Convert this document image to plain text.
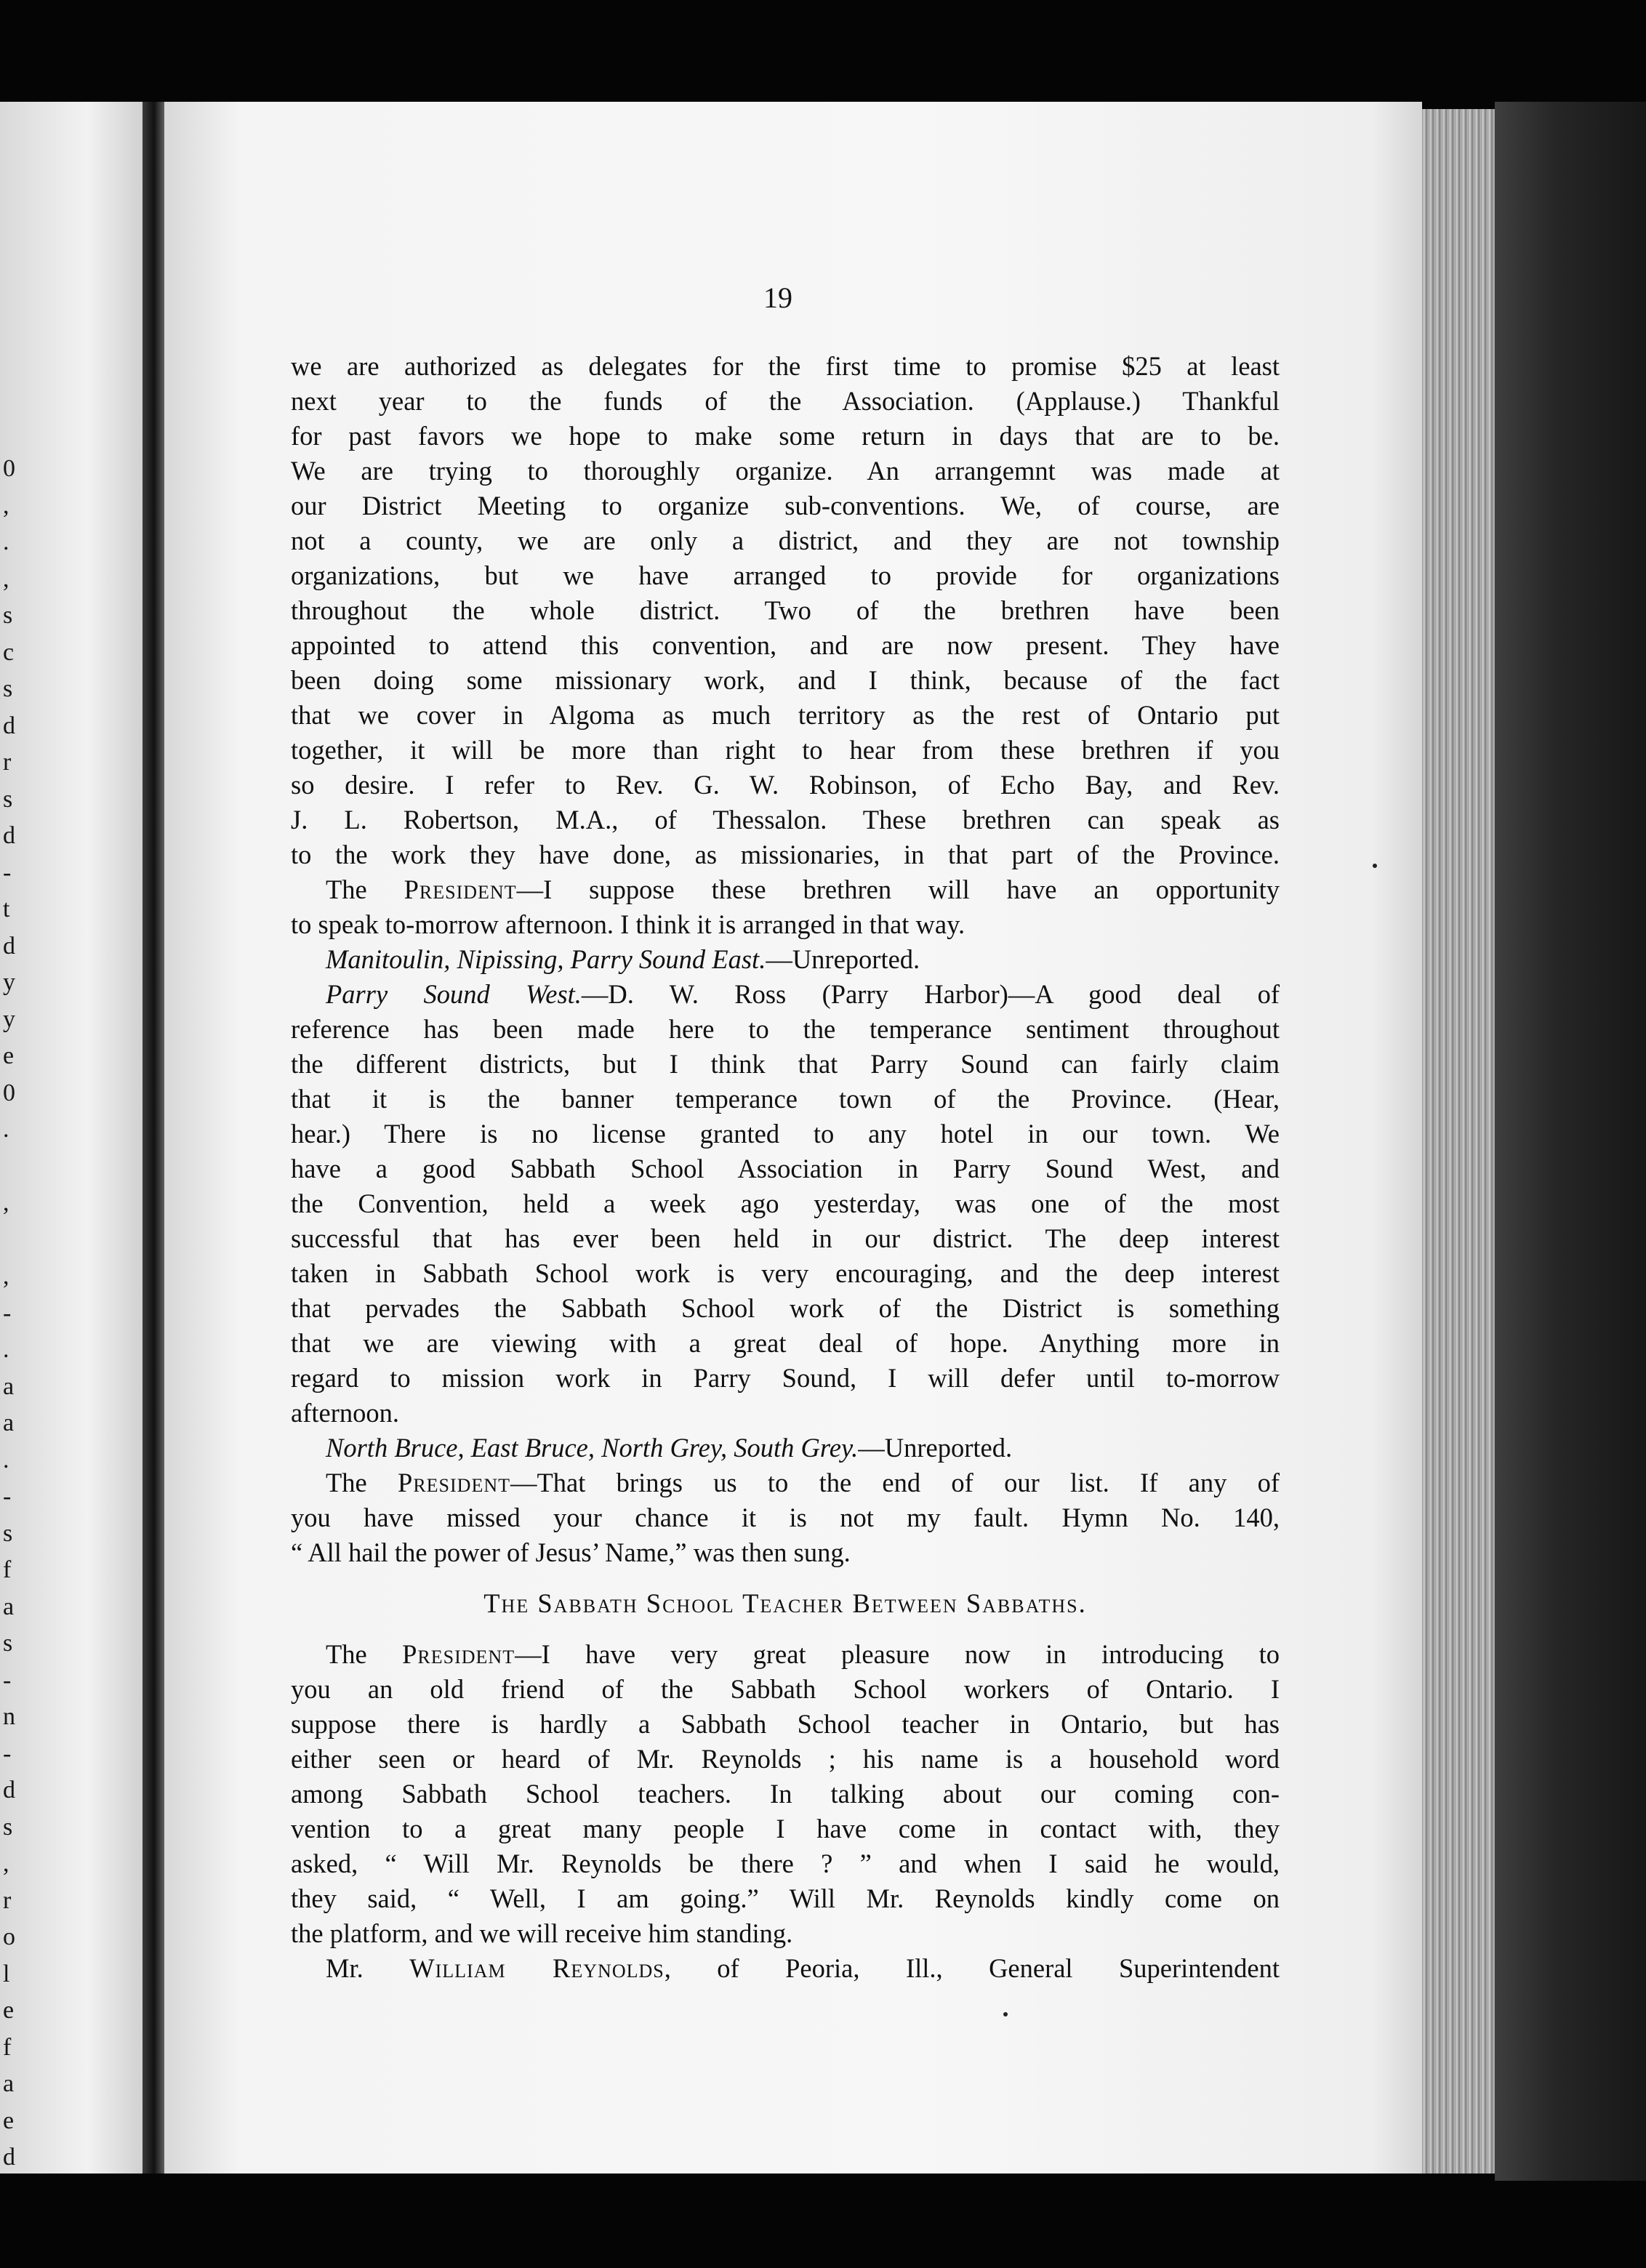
0
,
.
,
s
c
s
d
r
s
d
-
t
d
y
y
e
0
.

,

,
-
.
a
a
.
-
s
f
a
s
-
n
-
d
s
,
r
o
l
e
f
a
e
d
19
we are authorized as delegates for the first time to promise $25 at least
next year to the funds of the Association. (Applause.) Thankful
for past favors we hope to make some return in days that are to be.
We are trying to thoroughly organize. An arrangemnt was made at
our District Meeting to organize sub-conventions. We, of course, are
not a county, we are only a district, and they are not township
organizations, but we have arranged to provide for organizations
throughout the whole district. Two of the brethren have been
appointed to attend this convention, and are now present. They have
been doing some missionary work, and I think, because of the fact
that we cover in Algoma as much territory as the rest of Ontario put
together, it will be more than right to hear from these brethren if you
so desire. I refer to Rev. G. W. Robinson, of Echo Bay, and Rev.
J. L. Robertson, M.A., of Thessalon. These brethren can speak as
to the work they have done, as missionaries, in that part of the Province.
The President—I suppose these brethren will have an opportunity
to speak to-morrow afternoon. I think it is arranged in that way.
Manitoulin, Nipissing, Parry Sound East.—Unreported.
Parry Sound West.—D. W. Ross (Parry Harbor)—A good deal of
reference has been made here to the temperance sentiment throughout
the different districts, but I think that Parry Sound can fairly claim
that it is the banner temperance town of the Province. (Hear,
hear.) There is no license granted to any hotel in our town. We
have a good Sabbath School Association in Parry Sound West, and
the Convention, held a week ago yesterday, was one of the most
successful that has ever been held in our district. The deep interest
taken in Sabbath School work is very encouraging, and the deep interest
that pervades the Sabbath School work of the District is something
that we are viewing with a great deal of hope. Anything more in
regard to mission work in Parry Sound, I will defer until to-morrow
afternoon.
North Bruce, East Bruce, North Grey, South Grey.—Unreported.
The President—That brings us to the end of our list. If any of
you have missed your chance it is not my fault. Hymn No. 140,
“ All hail the power of Jesus’ Name,” was then sung.
The Sabbath School Teacher Between Sabbaths.
The President—I have very great pleasure now in introducing to
you an old friend of the Sabbath School workers of Ontario. I
suppose there is hardly a Sabbath School teacher in Ontario, but has
either seen or heard of Mr. Reynolds ; his name is a household word
among Sabbath School teachers. In talking about our coming con-
vention to a great many people I have come in contact with, they
asked, “ Will Mr. Reynolds be there ? ” and when I said he would,
they said, “ Well, I am going.” Will Mr. Reynolds kindly come on
the platform, and we will receive him standing.
Mr. William Reynolds, of Peoria, Ill., General Superintendent
